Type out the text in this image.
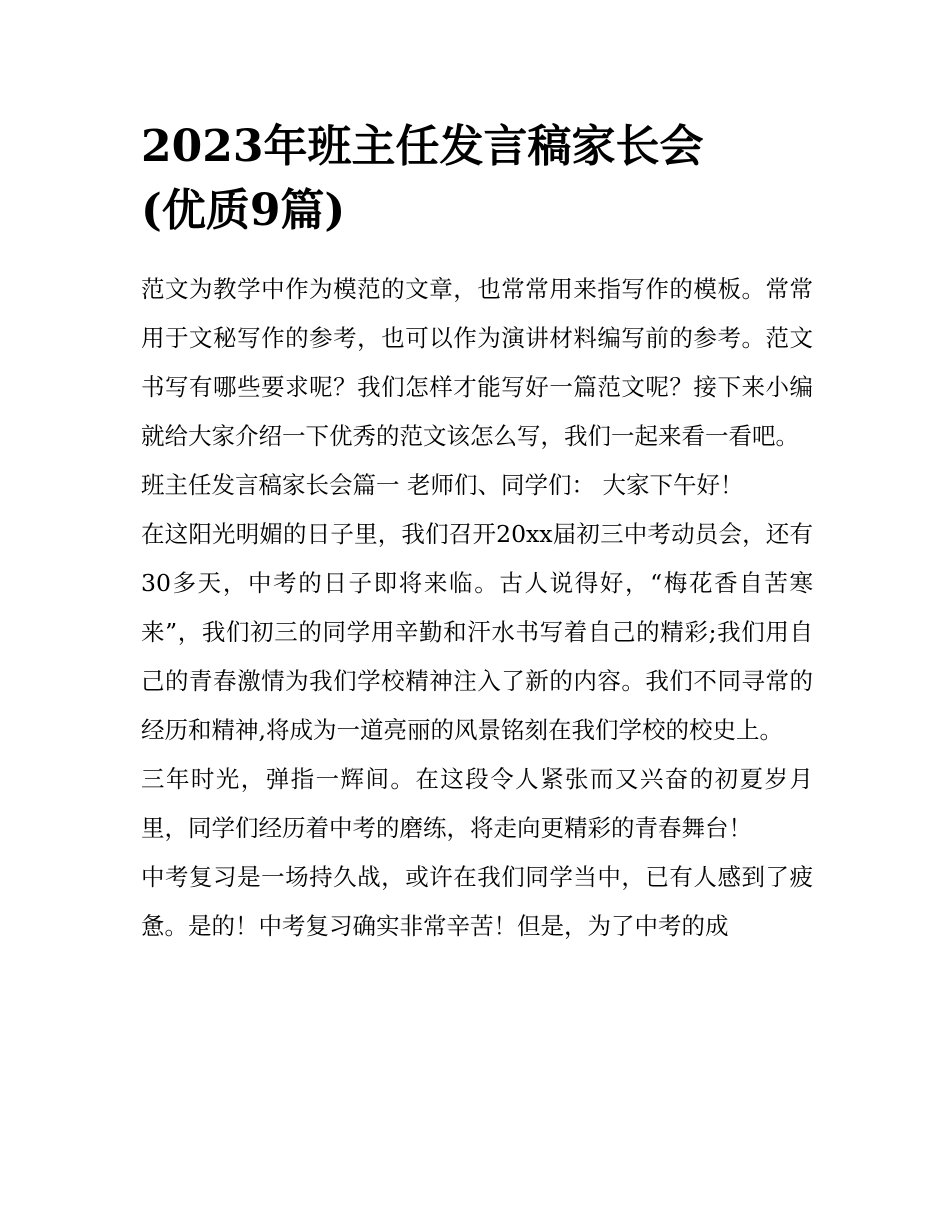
2023年班主任发言稿家长会
(优质9篇)

范文为教学中作为模范的文章，也常常用来指写作的模板。常常用于文秘写作的参考，也可以作为演讲材料编写前的参考。范文书写有哪些要求呢？我们怎样才能写好一篇范文呢？接下来小编就给大家介绍一下优秀的范文该怎么写，我们一起来看一看吧。

班主任发言稿家长会篇一 老师们、同学们： 大家下午好！

在这阳光明媚的日子里，我们召开20xx届初三中考动员会，还有30多天，中考的日子即将来临。古人说得好，“梅花香自苦寒来”，我们初三的同学用辛勤和汗水书写着自己的精彩;我们用自己的青春激情为我们学校精神注入了新的内容。我们不同寻常的经历和精神,将成为一道亮丽的风景铭刻在我们学校的校史上。

三年时光，弹指一辉间。在这段令人紧张而又兴奋的初夏岁月里，同学们经历着中考的磨练，将走向更精彩的青春舞台！

中考复习是一场持久战，或许在我们同学当中，已有人感到了疲惫。是的！中考复习确实非常辛苦！但是，为了中考的成
